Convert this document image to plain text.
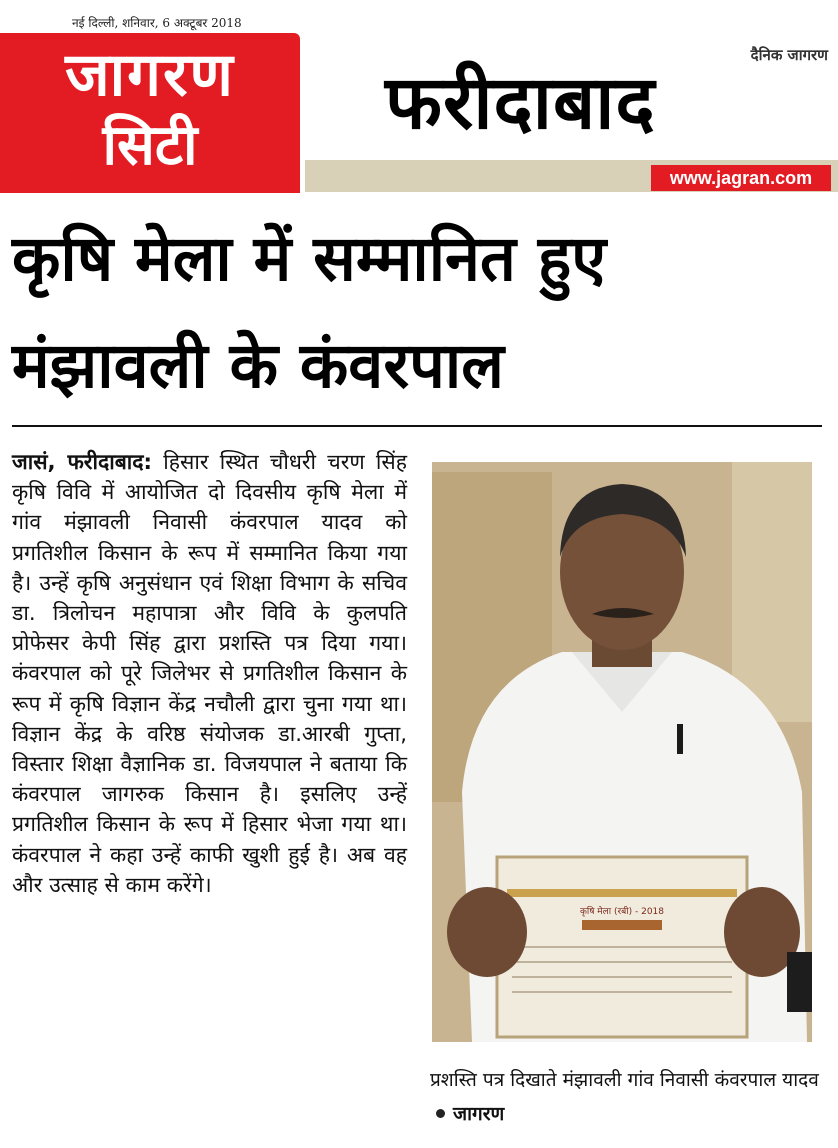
नई दिल्ली, शनिवार, 6 अक्टूबर 2018
जागरण
सिटी
दैनिक जागरण
फरीदाबाद
www.jagran.com
कृषि मेला में सम्मानित हुए
मंझावली के कंवरपाल
जासं, फरीदाबाद: हिसार स्थित चौधरी चरण सिंह कृषि विवि में आयोजित दो दिवसीय कृषि मेला में गांव मंझावली निवासी कंवरपाल यादव को प्रगतिशील किसान के रूप में सम्मानित किया गया है। उन्हें कृषि अनुसंधान एवं शिक्षा विभाग के सचिव डा. त्रिलोचन महापात्रा और विवि के कुलपति प्रोफेसर केपी सिंह द्वारा प्रशस्ति पत्र दिया गया। कंवरपाल को पूरे जिलेभर से प्रगतिशील किसान के रूप में कृषि विज्ञान केंद्र नचौली द्वारा चुना गया था। विज्ञान केंद्र के वरिष्ठ संयोजक डा.आरबी गुप्ता, विस्तार शिक्षा वैज्ञानिक डा. विजयपाल ने बताया कि कंवरपाल जागरुक किसान है। इसलिए उन्हें प्रगतिशील किसान के रूप में हिसार भेजा गया था। कंवरपाल ने कहा उन्हें काफी खुशी हुई है। अब वह और उत्साह से काम करेंगे।
कृषि मेला (रबी) - 2018
प्रशस्ति पत्र दिखाते मंझावली गांव निवासी कंवरपाल यादवजागरण
